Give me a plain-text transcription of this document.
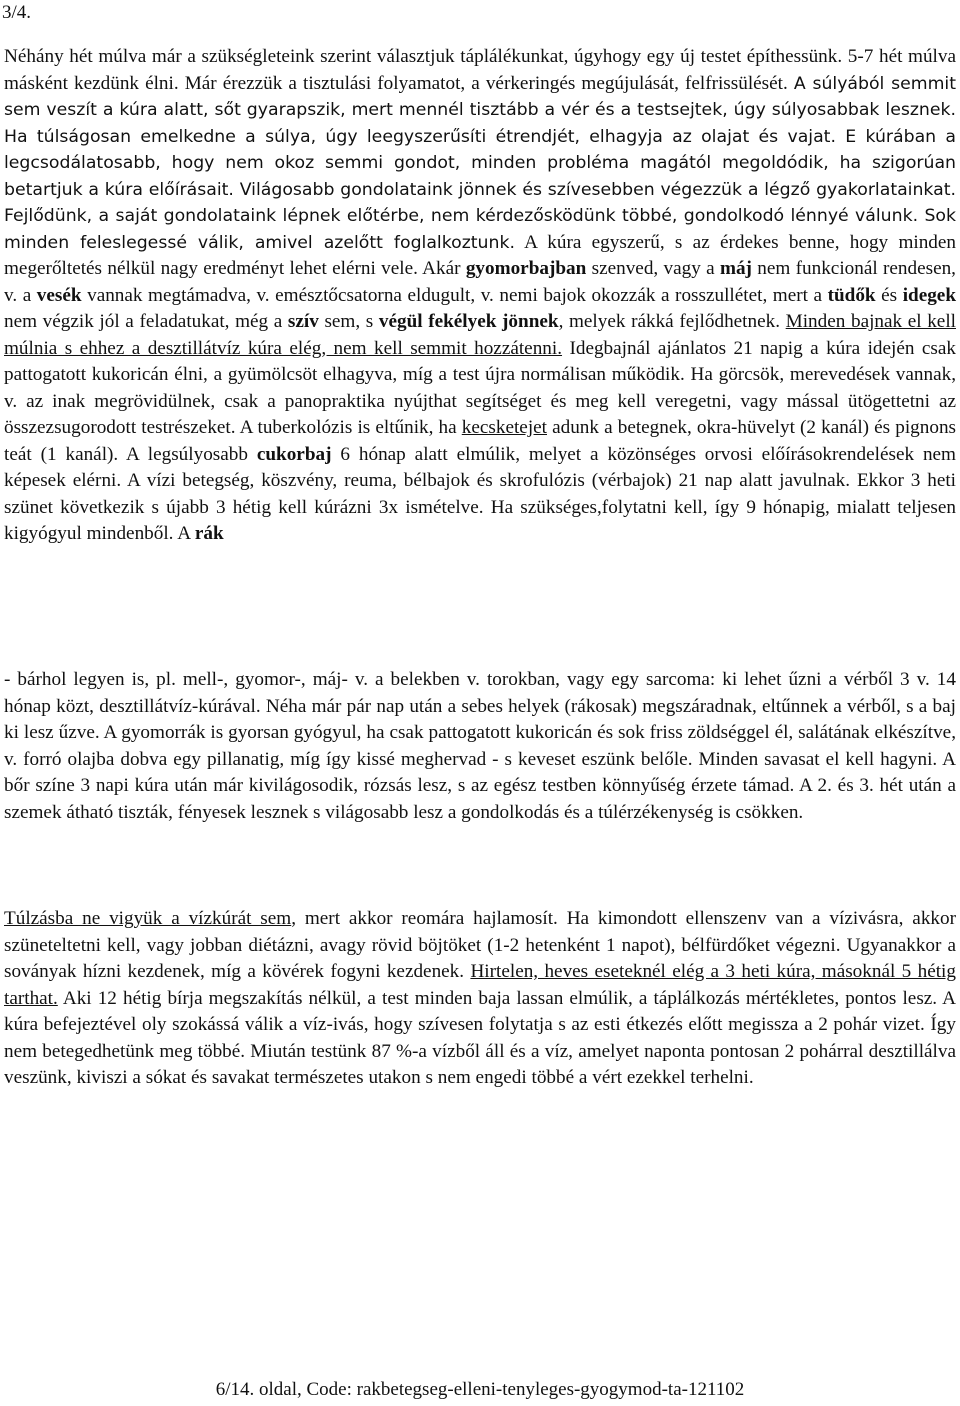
3/4.

Néhány hét múlva már a szükségleteink szerint választjuk táplálékunkat, úgyhogy egy új testet építhessünk. 5-7 hét múlva másként kezdünk élni. Már érezzük a tisztulási folyamatot, a vérkeringés megújulását, felfrissülését. A súlyából semmit sem veszít a kúra alatt, sőt gyarapszik, mert mennél tisztább a vér és a testsejtek, úgy súlyosabbak lesznek. Ha túlságosan emelkedne a súlya, úgy leegyszerűsíti étrendjét, elhagyja az olajat és vajat. E kúrában a legcsodálatosabb, hogy nem okoz semmi gondot, minden probléma magától megoldódik, ha szigorúan betartjuk a kúra előírásait. Világosabb gondolataink jönnek és szívesebben végezzük a légző gyakorlatainkat. Fejlődünk, a saját gondolataink lépnek előtérbe, nem kérdezősködünk többé, gondolkodó lénnyé válunk. Sok minden feleslegessé válik, amivel azelőtt foglalkoztunk. A kúra egyszerű, s az érdekes benne, hogy minden megerőltetés nélkül nagy eredményt lehet elérni vele. Akár gyomorbajban szenved, vagy a máj nem funkcionál rendesen, v. a vesék vannak megtámadva, v. emésztőcsatorna eldugult, v. nemi bajok okozzák a rosszullétet, mert a tüdők és idegek nem végzik jól a feladatukat, még a szív sem, s végül fekélyek jönnek, melyek rákká fejlődhetnek. Minden bajnak el kell múlnia s ehhez a desztillátvíz kúra elég, nem kell semmit hozzátenni. Idegbajnál ajánlatos 21 napig a kúra idején csak pattogatott kukoricán élni, a gyümölcsöt elhagyva, míg a test újra normálisan működik. Ha görcsök, merevedések vannak, v. az inak megrövidülnek, csak a panopraktika nyújthat segítséget és meg kell veregetni, vagy mással ütögettetni az összezsugorodott testrészeket. A tuberkolózis is eltűnik, ha kecsketejet adunk a betegnek, okra-hüvelyt (2 kanál) és pignons teát (1 kanál). A legsúlyosabb cukorbaj 6 hónap alatt elmúlik, melyet a közönséges orvosi előírásokrendelések nem képesek elérni. A vízi betegség, köszvény, reuma, bélbajok és skrofulózis (vérbajok) 21 nap alatt javulnak. Ekkor 3 heti szünet következik s újabb 3 hétig kell kúrázni 3x ismételve. Ha szükséges,folytatni kell, így 9 hónapig, mialatt teljesen kigyógyul mindenből. A rák

- bárhol legyen is, pl. mell-, gyomor-, máj- v. a belekben v. torokban, vagy egy sarcoma: ki lehet űzni a vérből 3 v. 14 hónap közt, desztillátvíz-kúrával. Néha már pár nap után a sebes helyek (rákosak) megszáradnak, eltűnnek a vérből, s a baj ki lesz űzve. A gyomorrák is gyorsan gyógyul, ha csak pattogatott kukoricán és sok friss zöldséggel él, salátának elkészítve, v. forró olajba dobva egy pillanatig, míg így kissé meghervad - s keveset eszünk belőle. Minden savasat el kell hagyni. A bőr színe 3 napi kúra után már kivilágosodik, rózsás lesz, s az egész testben könnyűség érzete támad. A 2. és 3. hét után a szemek átható tiszták, fényesek lesznek s világosabb lesz a gondolkodás és a túlérzékenység is csökken.

Túlzásba ne vigyük a vízkúrát sem, mert akkor reomára hajlamosít. Ha kimondott ellenszenv van a vízivásra, akkor szüneteltetni kell, vagy jobban diétázni, avagy rövid böjtöket (1-2 hetenként 1 napot), bélfürdőket végezni. Ugyanakkor a soványak hízni kezdenek, míg a kövérek fogyni kezdenek. Hirtelen, heves eseteknél elég a 3 heti kúra, másoknál 5 hétig tarthat. Aki 12 hétig bírja megszakítás nélkül, a test minden baja lassan elmúlik, a táplálkozás mértékletes, pontos lesz. A kúra befejeztével oly szokássá válik a víz-ivás, hogy szívesen folytatja s az esti étkezés előtt megissza a 2 pohár vizet. Így nem betegedhetünk meg többé. Miután testünk 87 %-a vízből áll és a víz, amelyet naponta pontosan 2 pohárral desztillálva veszünk, kiviszi a sókat és savakat természetes utakon s nem engedi többé a vért ezekkel terhelni.

6/14. oldal, Code: rakbetegseg-elleni-tenyleges-gyogymod-ta-121102
